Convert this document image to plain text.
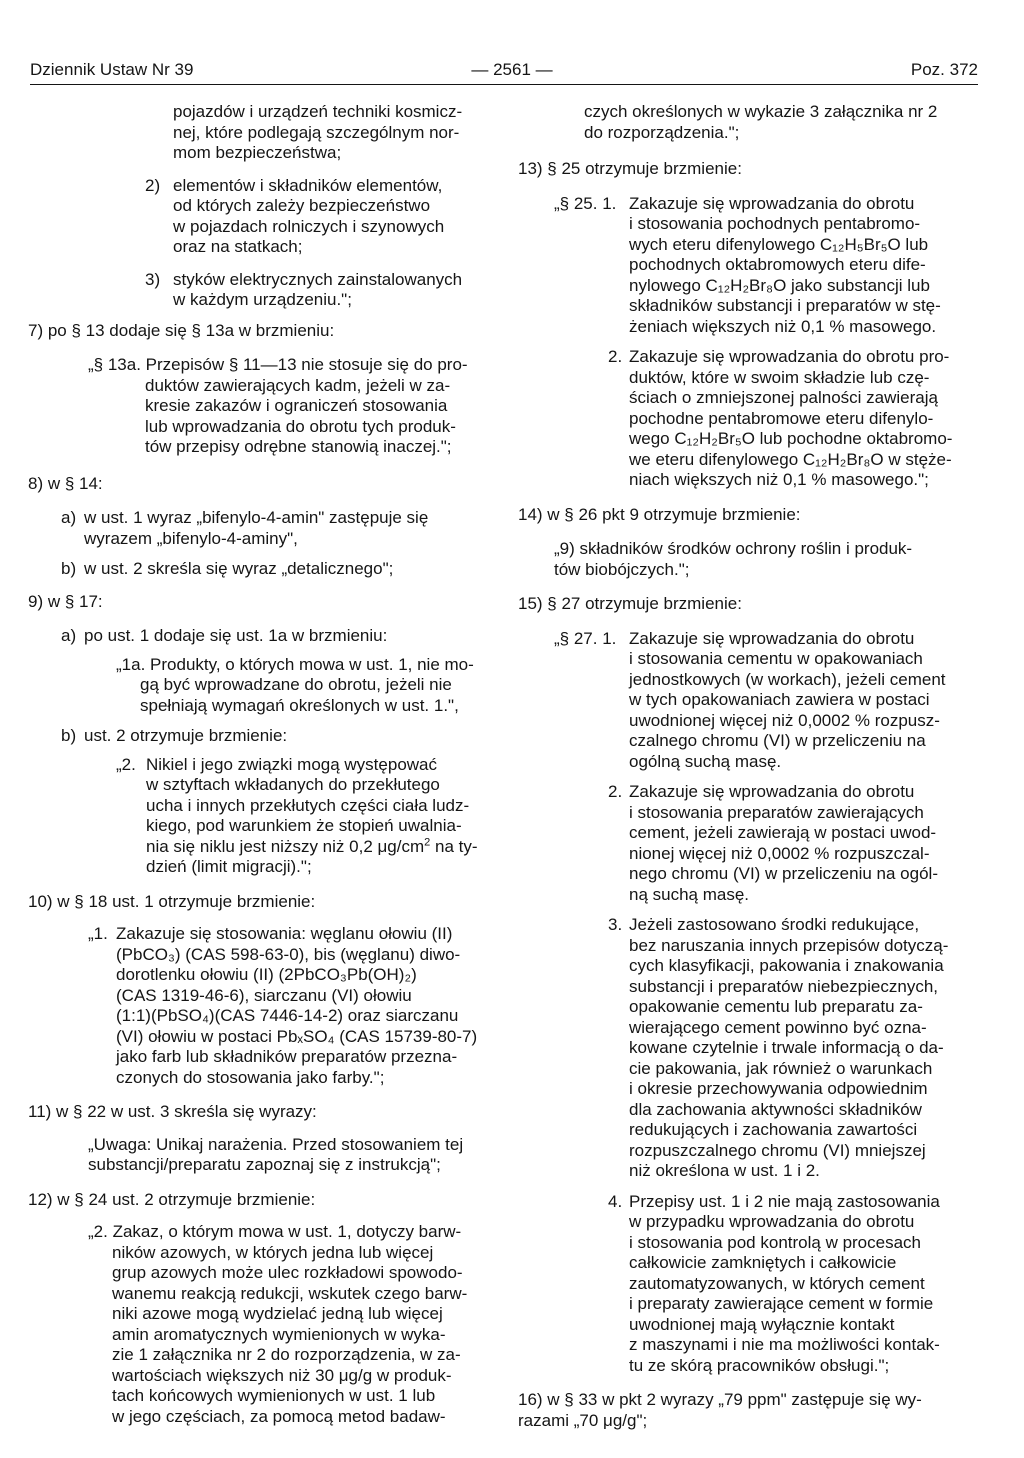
Dziennik Ustaw Nr 39	— 2561 —	Poz. 372
pojazdów i urządzeń techniki kosmicz-
nej, które podlegają szczególnym nor-
mom bezpieczeństwa;
2) elementów i składników elementów,
od których zależy bezpieczeństwo
w pojazdach rolniczych i szynowych
oraz na statkach;
3) styków elektrycznych zainstalowanych
w każdym urządzeniu.";
7) po § 13 dodaje się § 13a w brzmieniu:
„§ 13a. Przepisów § 11—13 nie stosuje się do pro-
duktów zawierających kadm, jeżeli w za-
kresie zakazów i ograniczeń stosowania
lub wprowadzania do obrotu tych produk-
tów przepisy odrębne stanowią inaczej.";
8) w § 14:
a) w ust. 1 wyraz „bifenylo-4-amin" zastępuje się
wyrazem „bifenylo-4-aminy",
b) w ust. 2 skreśla się wyraz „detalicznego";
9) w § 17:
a) po ust. 1 dodaje się ust. 1a w brzmieniu:
„1a. Produkty, o których mowa w ust. 1, nie mo-
gą być wprowadzane do obrotu, jeżeli nie
spełniają wymagań określonych w ust. 1.",
b) ust. 2 otrzymuje brzmienie:
„2. Nikiel i jego związki mogą występować
w sztyftach wkładanych do przekłutego
ucha i innych przekłutych części ciała ludz-
kiego, pod warunkiem że stopień uwalnia-
nia się niklu jest niższy niż 0,2 $\mu g/cm^2$ na ty-
dzień (limit migracji).";
10) w § 18 ust. 1 otrzymuje brzmienie:
„1. Zakazuje się stosowania: węglanu ołowiu (II)
(PbCO₃) (CAS 598-63-0), bis (węglanu) diwo-
dorotlenku ołowiu (II) (2PbCO₃Pb(OH)₂)
(CAS 1319-46-6), siarczanu (VI) ołowiu
(1:1)(PbSO₄)(CAS 7446-14-2) oraz siarczanu
(VI) ołowiu w postaci PbₓSO₄ (CAS 15739-80-7)
jako farb lub składników preparatów przezna-
czonych do stosowania jako farby.";
11) w § 22 w ust. 3 skreśla się wyrazy:
„Uwaga: Unikaj narażenia. Przed stosowaniem tej
substancji/preparatu zapoznaj się z instrukcją";
12) w § 24 ust. 2 otrzymuje brzmienie:
„2. Zakaz, o którym mowa w ust. 1, dotyczy barw-
ników azowych, w których jedna lub więcej
grup azowych może ulec rozkładowi spowodo-
wanemu reakcją redukcji, wskutek czego barw-
niki azowe mogą wydzielać jedną lub więcej
amin aromatycznych wymienionych w wyka-
zie 1 załącznika nr 2 do rozporządzenia, w za-
wartościach większych niż 30 μg/g w produk-
tach końcowych wymienionych w ust. 1 lub
w jego częściach, za pomocą metod badaw-
czych określonych w wykazie 3 załącznika nr 2
do rozporządzenia.";
13) § 25 otrzymuje brzmienie:
„§ 25. 1. Zakazuje się wprowadzania do obrotu
i stosowania pochodnych pentabromo-
wych eteru difenylowego C₁₂H₅Br₅O lub
pochodnych oktabromowych eteru dife-
nylowego C₁₂H₂Br₈O jako substancji lub
składników substancji i preparatów w stę-
żeniach większych niż 0,1 % masowego.
2. Zakazuje się wprowadzania do obrotu pro-
duktów, które w swoim składzie lub czę-
ściach o zmniejszonej palności zawierają
pochodne pentabromowe eteru difenylo-
wego C₁₂H₂Br₅O lub pochodne oktabromo-
we eteru difenylowego C₁₂H₂Br₈O w stęże-
niach większych niż 0,1 % masowego.";
14) w § 26 pkt 9 otrzymuje brzmienie:
„9) składników środków ochrony roślin i produk-
tów biobójczych.";
15) § 27 otrzymuje brzmienie:
„§ 27. 1. Zakazuje się wprowadzania do obrotu
i stosowania cementu w opakowaniach
jednostkowych (w workach), jeżeli cement
w tych opakowaniach zawiera w postaci
uwodnionej więcej niż 0,0002 % rozpusz-
czalnego chromu (VI) w przeliczeniu na
ogólną suchą masę.
2. Zakazuje się wprowadzania do obrotu
i stosowania preparatów zawierających
cement, jeżeli zawierają w postaci uwod-
nionej więcej niż 0,0002 % rozpuszczal-
nego chromu (VI) w przeliczeniu na ogól-
ną suchą masę.
3. Jeżeli zastosowano środki redukujące,
bez naruszania innych przepisów dotyczą-
cych klasyfikacji, pakowania i znakowania
substancji i preparatów niebezpiecznych,
opakowanie cementu lub preparatu za-
wierającego cement powinno być ozna-
kowane czytelnie i trwale informacją o da-
cie pakowania, jak również o warunkach
i okresie przechowywania odpowiednim
dla zachowania aktywności składników
redukujących i zachowania zawartości
rozpuszczalnego chromu (VI) mniejszej
niż określona w ust. 1 i 2.
4. Przepisy ust. 1 i 2 nie mają zastosowania
w przypadku wprowadzania do obrotu
i stosowania pod kontrolą w procesach
całkowicie zamkniętych i całkowicie
zautomatyzowanych, w których cement
i preparaty zawierające cement w formie
uwodnionej mają wyłącznie kontakt
z maszynami i nie ma możliwości kontak-
tu ze skórą pracowników obsługi.";
16) w § 33 w pkt 2 wyrazy „79 ppm" zastępuje się wy-
razami „70 μg/g";
